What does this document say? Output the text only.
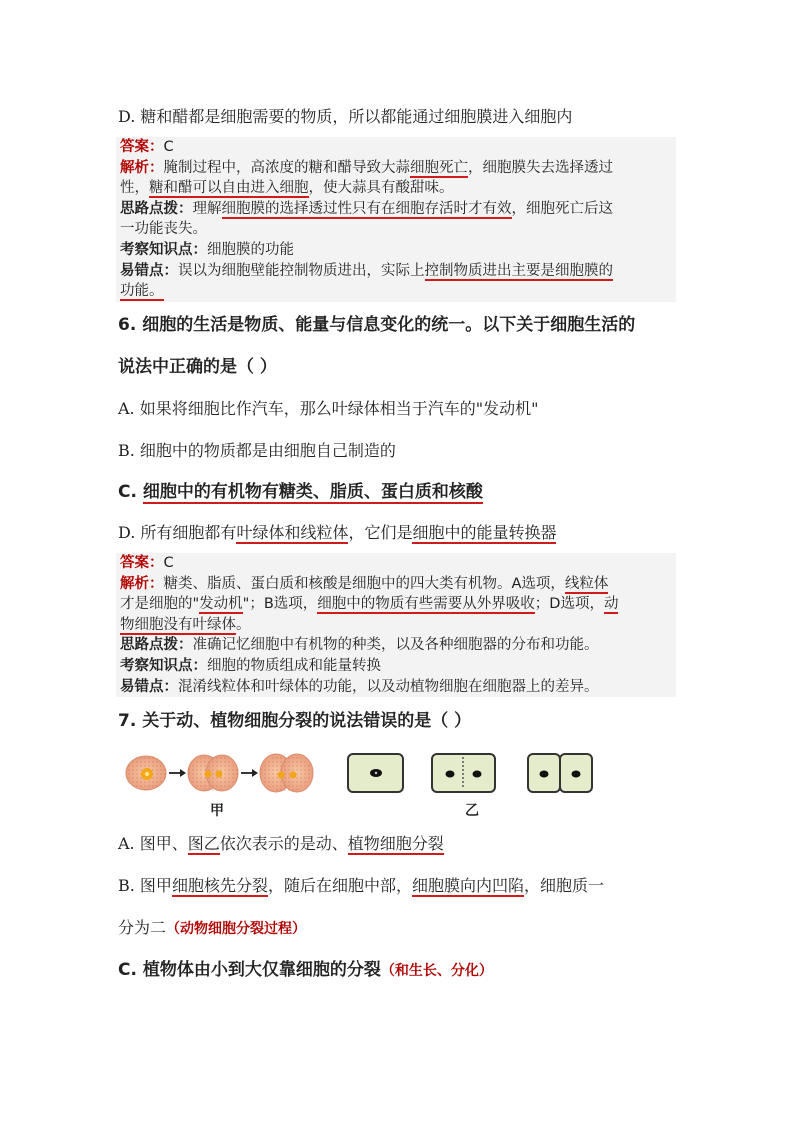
D. 糖和醋都是细胞需要的物质，所以都能通过细胞膜进入细胞内
答案：C
解析：腌制过程中，高浓度的糖和醋导致大蒜细胞死亡，细胞膜失去选择透过
性，糖和醋可以自由进入细胞，使大蒜具有酸甜味。
思路点拨：理解细胞膜的选择透过性只有在细胞存活时才有效，细胞死亡后这
一功能丧失。
考察知识点：细胞膜的功能
易错点：误以为细胞壁能控制物质进出，实际上控制物质进出主要是细胞膜的
功能。
6. 细胞的生活是物质、能量与信息变化的统一。以下关于细胞生活的
说法中正确的是（ ）
A. 如果将细胞比作汽车，那么叶绿体相当于汽车的"发动机"
B. 细胞中的物质都是由细胞自己制造的
C. 细胞中的有机物有糖类、脂质、蛋白质和核酸
D. 所有细胞都有叶绿体和线粒体，它们是细胞中的能量转换器
答案：C
解析：糖类、脂质、蛋白质和核酸是细胞中的四大类有机物。A选项，线粒体
才是细胞的"发动机"；B选项，细胞中的物质有些需要从外界吸收；D选项，动
物细胞没有叶绿体。
思路点拨：准确记忆细胞中有机物的种类，以及各种细胞器的分布和功能。
考察知识点：细胞的物质组成和能量转换
易错点：混淆线粒体和叶绿体的功能，以及动植物细胞在细胞器上的差异。
7. 关于动、植物细胞分裂的说法错误的是（ ）
甲	乙
A. 图甲、图乙依次表示的是动、植物细胞分裂
B. 图甲细胞核先分裂，随后在细胞中部，细胞膜向内凹陷，细胞质一
分为二（动物细胞分裂过程）
C. 植物体由小到大仅靠细胞的分裂（和生长、分化）
